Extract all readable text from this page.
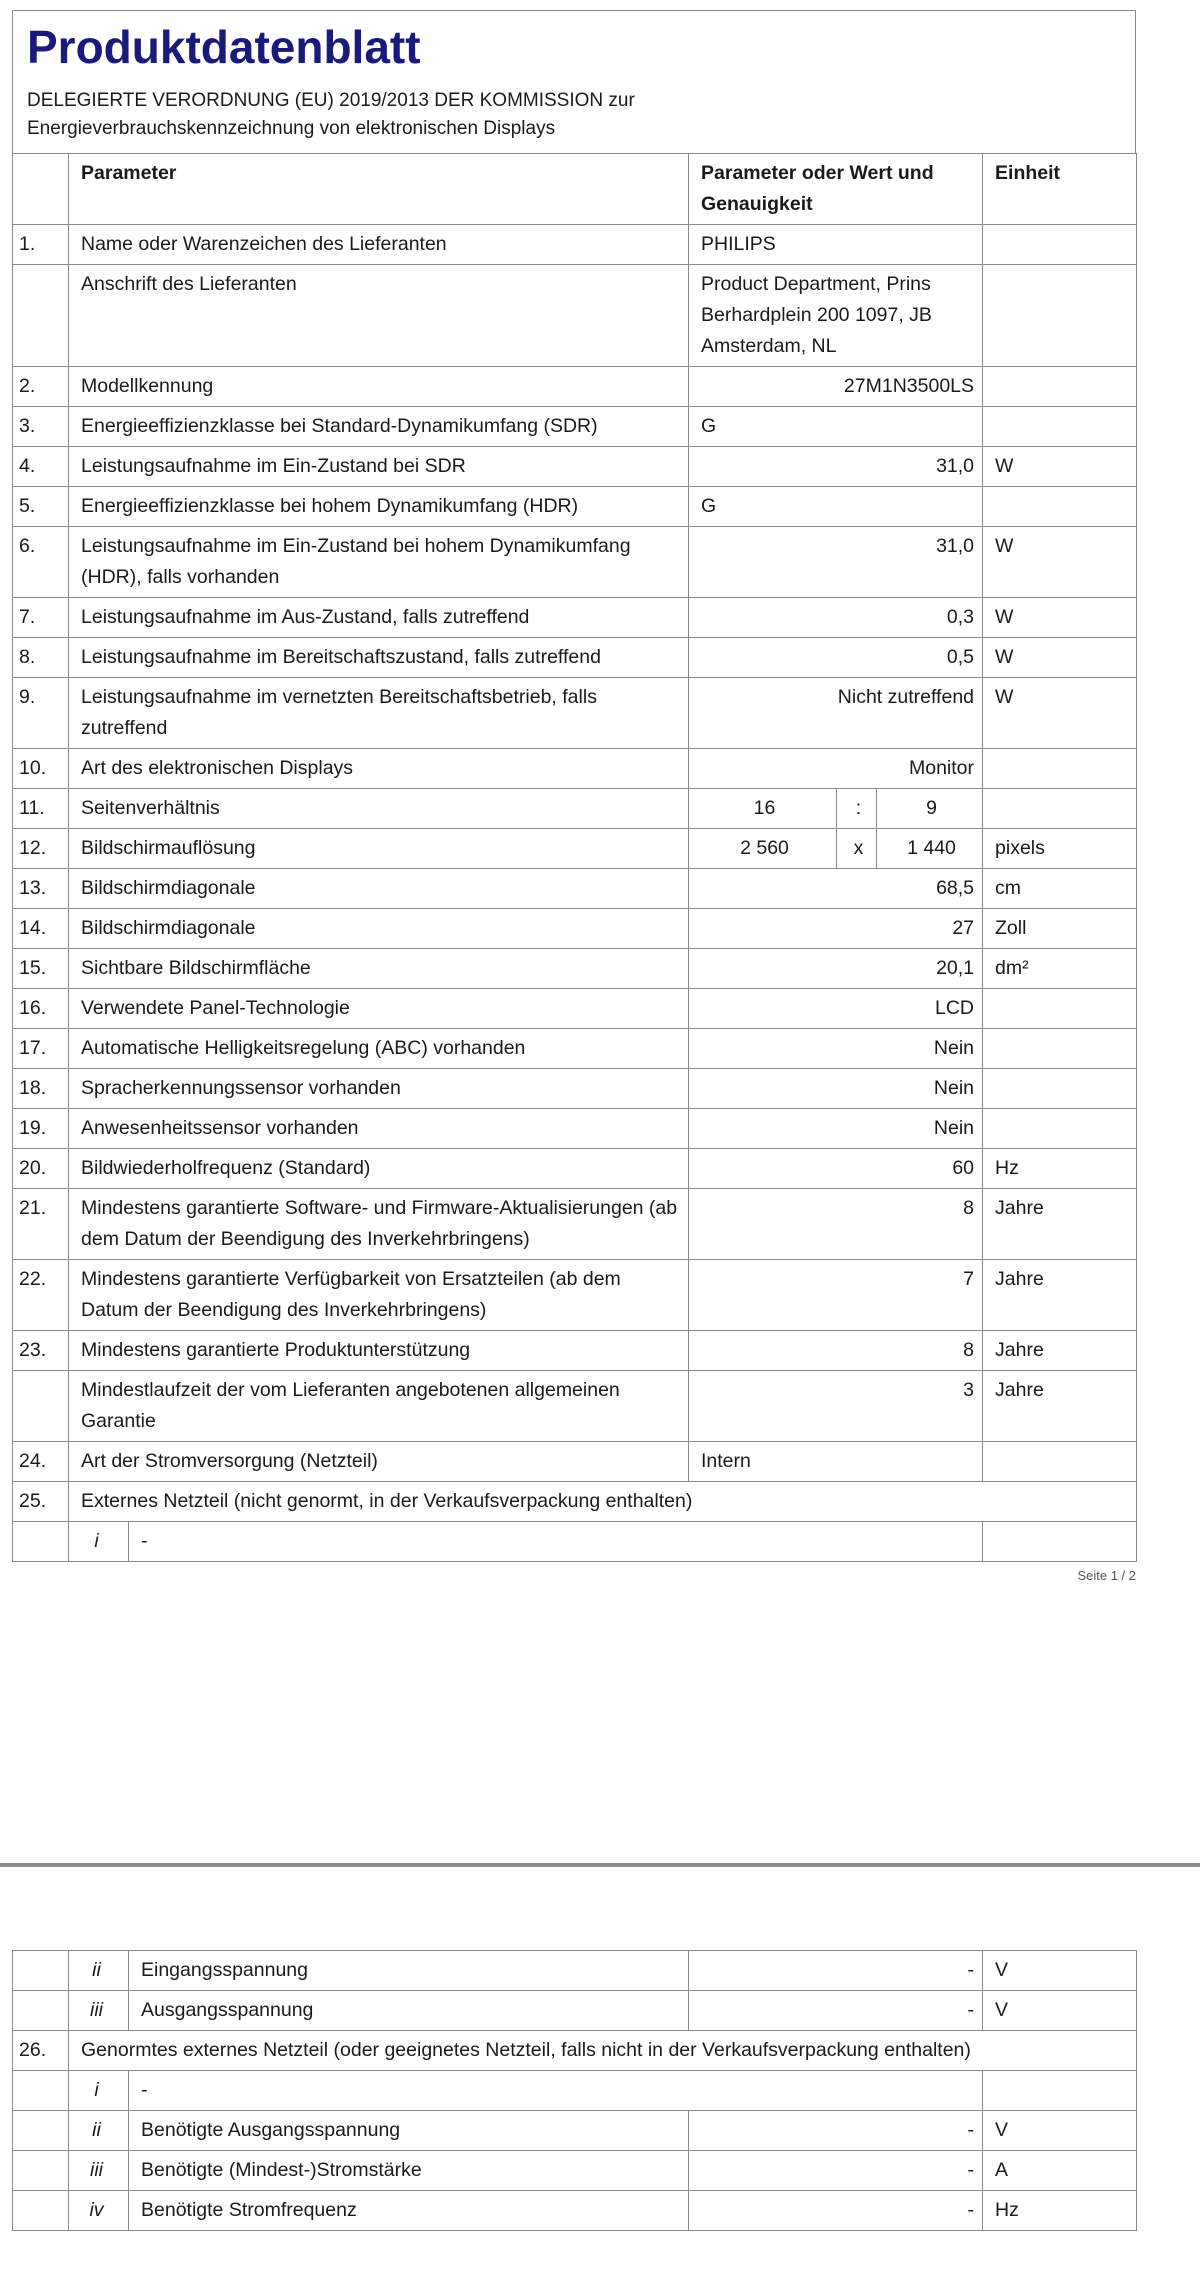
Produktdatenblatt
DELEGIERTE VERORDNUNG (EU) 2019/2013 DER KOMMISSION zur
Energieverbrauchskennzeichnung von elektronischen Displays
	Parameter		Parameter oder Wert und Genauigkeit			Einheit
1.	Name oder Warenzeichen des Lieferanten		PHILIPS			
	Anschrift des Lieferanten		Product Department, Prins Berhardplein 200 1097, JB Amsterdam, NL			
2.	Modellkennung		27M1N3500LS			
3.	Energieeffizienzklasse bei Standard-Dynamikumfang (SDR)		G			
4.	Leistungsaufnahme im Ein-Zustand bei SDR		31,0			W
5.	Energieeffizienzklasse bei hohem Dynamikumfang (HDR)		G			
6.	Leistungsaufnahme im Ein-Zustand bei hohem Dynamikumfang (HDR), falls vorhanden		31,0			W
7.	Leistungsaufnahme im Aus-Zustand, falls zutreffend		0,3			W
8.	Leistungsaufnahme im Bereitschaftszustand, falls zutreffend		0,5			W
9.	Leistungsaufnahme im vernetzten Bereitschaftsbetrieb, falls zutreffend		Nicht zutreffend			W
10.	Art des elektronischen Displays		Monitor			
11.	Seitenverhältnis		16	:	9	
12.	Bildschirmauflösung		2 560	x	1 440	pixels
13.	Bildschirmdiagonale		68,5			cm
14.	Bildschirmdiagonale		27			Zoll
15.	Sichtbare Bildschirmfläche		20,1			dm²
16.	Verwendete Panel-Technologie		LCD			
17.	Automatische Helligkeitsregelung (ABC) vorhanden		Nein			
18.	Spracherkennungssensor vorhanden		Nein			
19.	Anwesenheitssensor vorhanden		Nein			
20.	Bildwiederholfrequenz (Standard)		60			Hz
21.	Mindestens garantierte Software- und Firmware-Aktualisierungen (ab dem Datum der Beendigung des Inverkehrbringens)		8			Jahre
22.	Mindestens garantierte Verfügbarkeit von Ersatzteilen (ab dem Datum der Beendigung des Inverkehrbringens)		7			Jahre
23.	Mindestens garantierte Produktunterstützung		8			Jahre
	Mindestlaufzeit der vom Lieferanten angebotenen allgemeinen Garantie		3			Jahre
24.	Art der Stromversorgung (Netzteil)		Intern			
25.	Externes Netzteil (nicht genormt, in der Verkaufsverpackung enthalten)					
	i	-				
Seite 1 / 2
	ii	Eingangsspannung	-	V
	iii	Ausgangsspannung	-	V
26.	Genormtes externes Netzteil (oder geeignetes Netzteil, falls nicht in der Verkaufsverpackung enthalten)			
	i	-		
	ii	Benötigte Ausgangsspannung	-	V
	iii	Benötigte (Mindest-)Stromstärke	-	A
	iv	Benötigte Stromfrequenz	-	Hz
